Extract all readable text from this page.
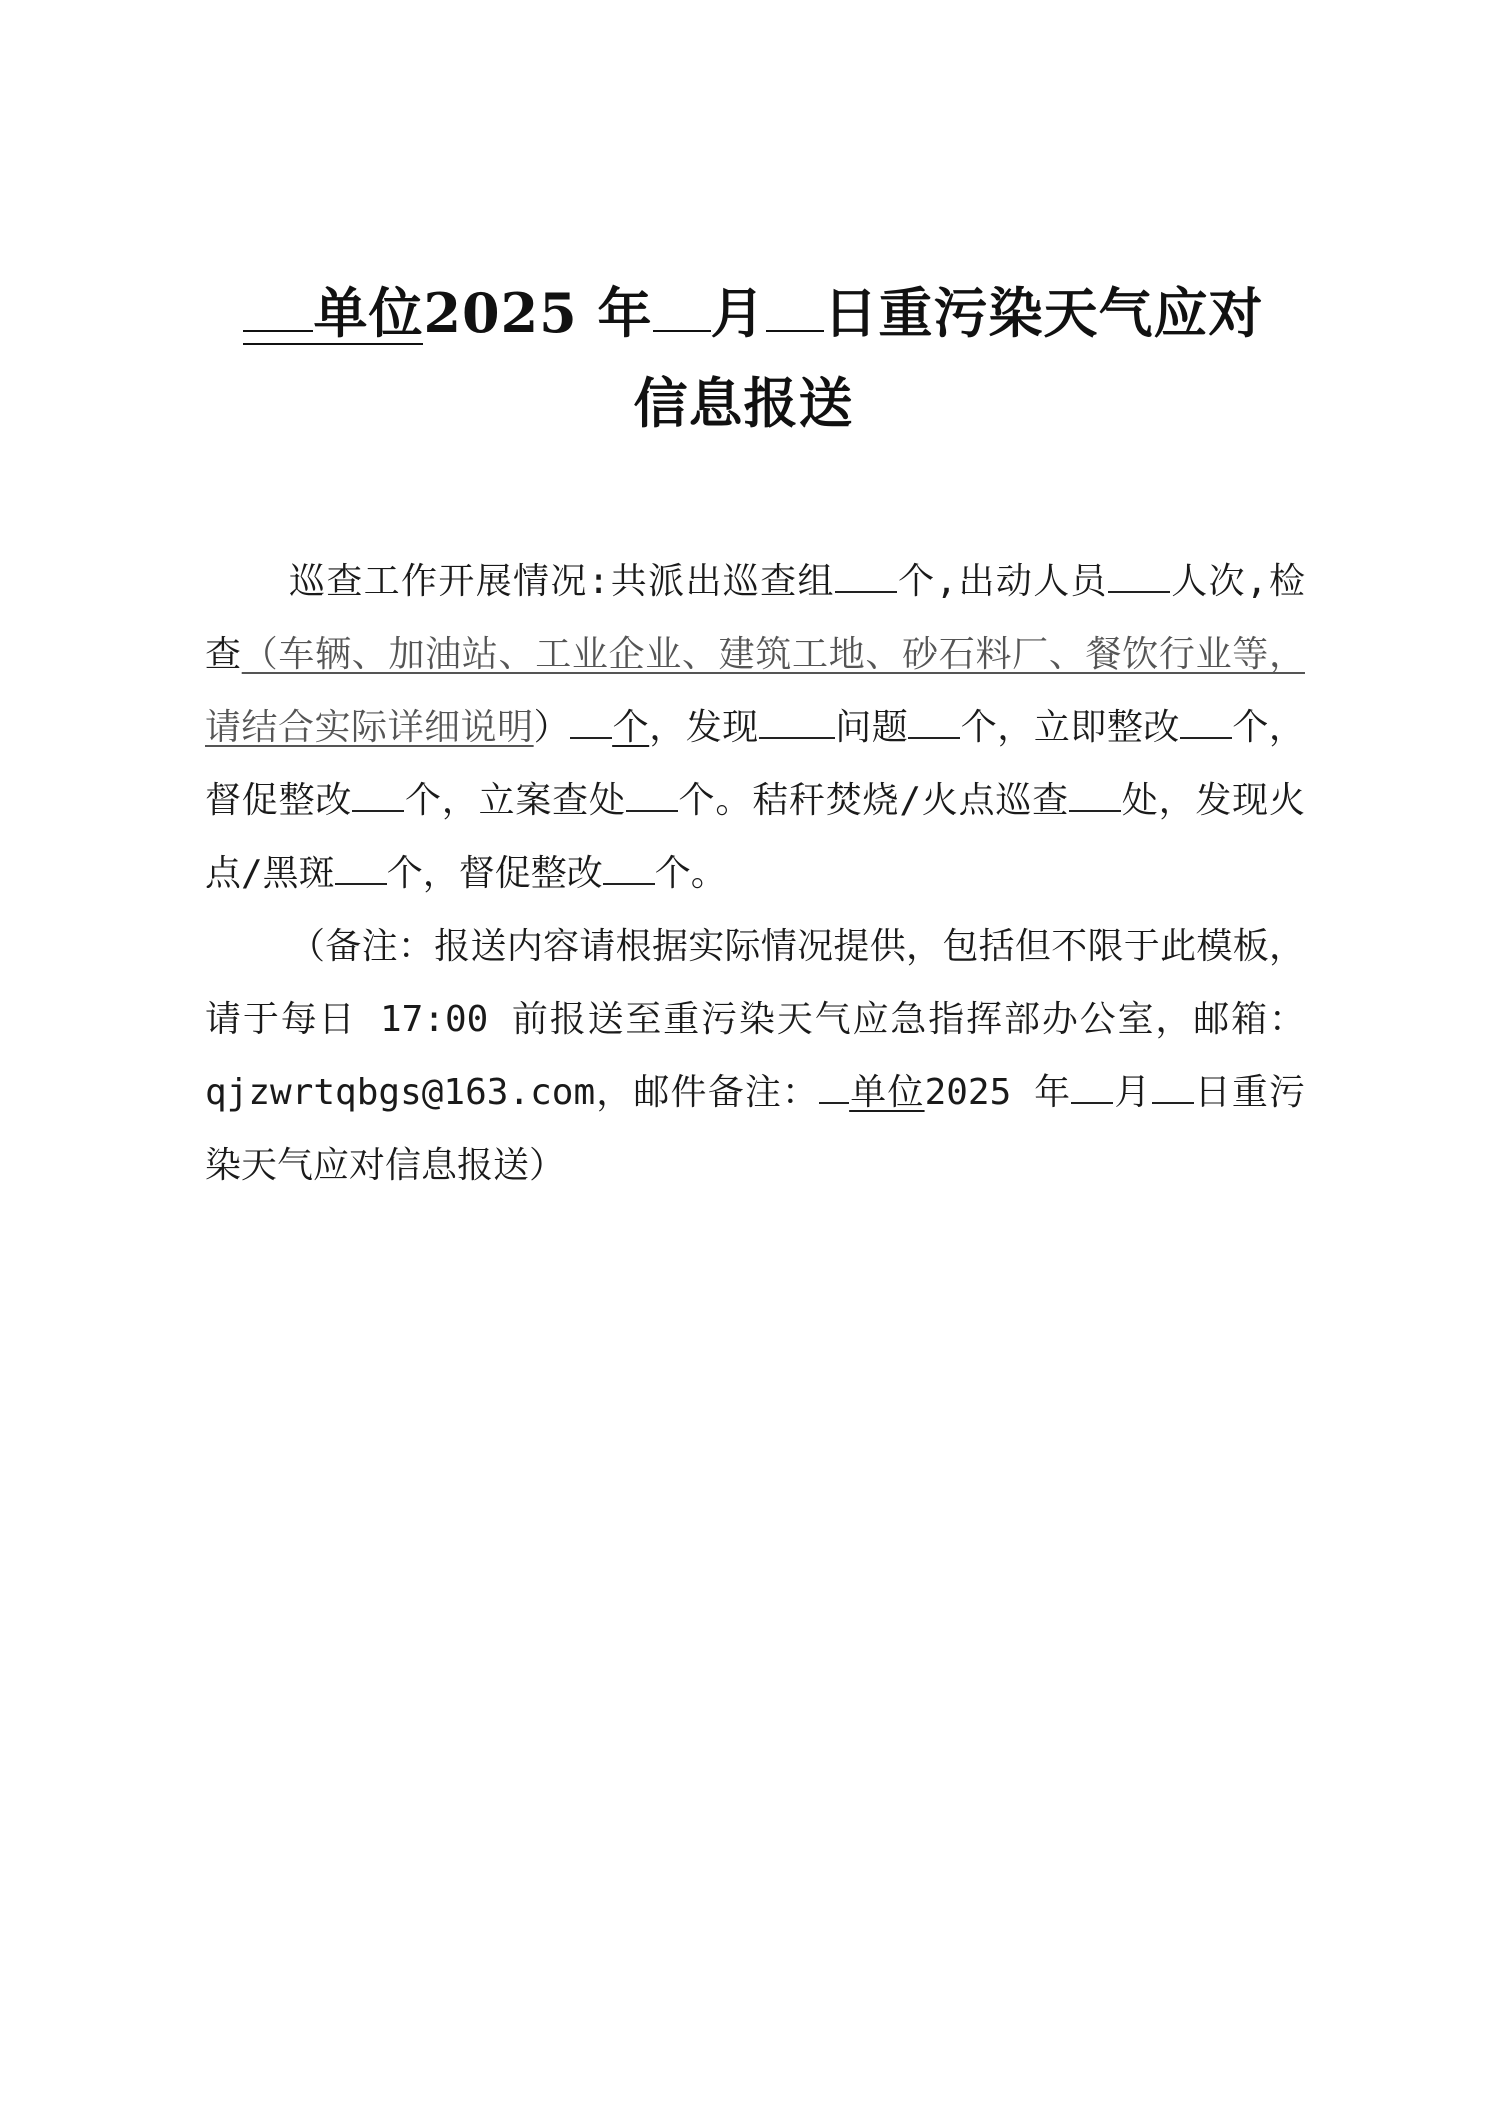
单位2025 年 月 日重污染天气应对
信息报送

巡查工作开展情况:共派出巡查组 个,出动人员 人次,检查（车辆、加油站、工业企业、建筑工地、砂石料厂、餐饮行业等，请结合实际详细说明） 个，发现 问题 个，立即整改 个，督促整改 个，立案查处 个。秸秆焚烧/火点巡查 处，发现火点/黑斑 个，督促整改 个。

（备注：报送内容请根据实际情况提供，包括但不限于此模板，请于每日 17:00 前报送至重污染天气应急指挥部办公室，邮箱：qjzwrtqbgs@163.com，邮件备注： 单位2025 年 月 日重污染天气应对信息报送）
